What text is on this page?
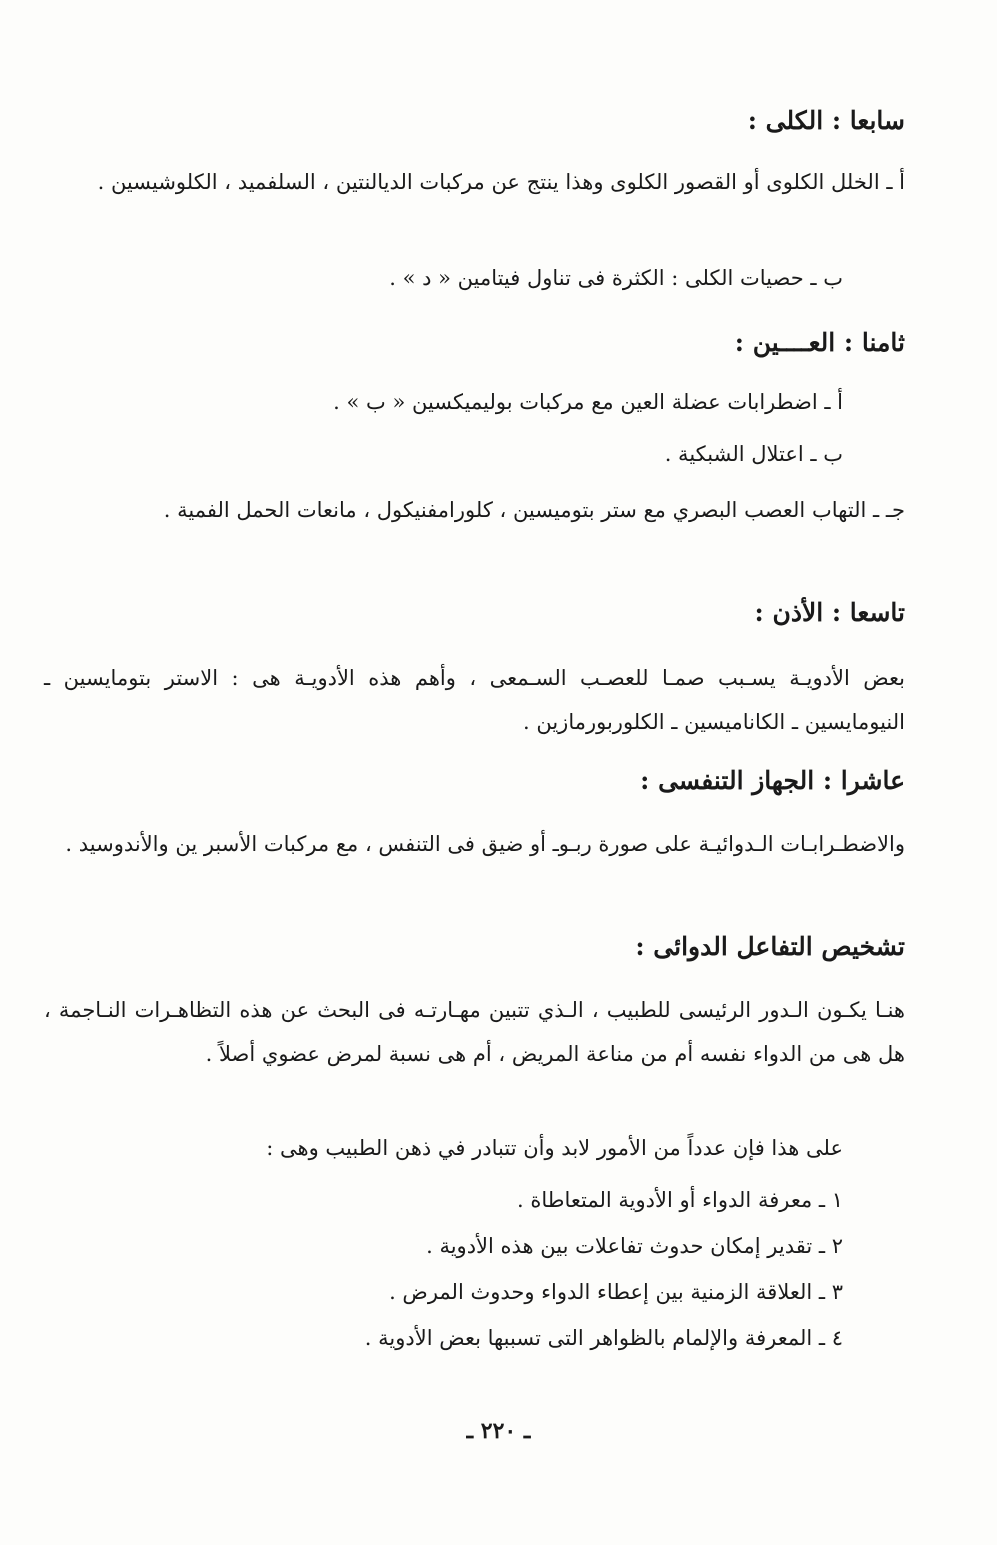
سابعا : الكلى :
أ ـ الخلل الكلوى أو القصور الكلوى وهذا ينتج عن مركبات الديالنتين ، السلفميد ، الكلوشيسين .
ب ـ حصيات الكلى : الكثرة فى تناول فيتامين « د » .
ثامنا : العــــين :
أ ـ اضطرابات عضلة العين مع مركبات بوليميكسين « ب » .
ب ـ اعتلال الشبكية .
جـ ـ التهاب العصب البصري مع ستر بتوميسين ، كلورامفنيكول ، مانعات الحمل الفمية .
تاسعا : الأذن :
بعض الأدويـة يسـبب صمـا للعصـب السـمعى ، وأهم هذه الأدويـة هى : الاستر بتومايسين ـ النيومايسين ـ الكانامیسین ـ الكلوربورمازين .
عاشرا : الجهاز التنفسى :
والاضطـرابـات الـدوائيـة على صورة ربـوـ أو ضيق فى التنفس ، مع مركبات الأسبر ين والأندوسيد .
تشخيص التفاعل الدوائى :
هنـا يكـون الـدور الرئيسى للطبيب ، الـذي تتبين مهـارتـه فى البحث عن هذه التظاهـرات النـاجمة ، هل هى من الدواء نفسه أم من مناعة المريض ، أم هى نسبة لمرض عضوي أصلاً .
على هذا فإن عدداً من الأمور لابد وأن تتبادر في ذهن الطبيب وهى :
١ ـ معرفة الدواء أو الأدوية المتعاطاة .
٢ ـ تقدير إمكان حدوث تفاعلات بين هذه الأدوية .
٣ ـ العلاقة الزمنية بين إعطاء الدواء وحدوث المرض .
٤ ـ المعرفة والإلمام بالظواهر التى تسببها بعض الأدوية .
ـ ٢٢٠ ـ
